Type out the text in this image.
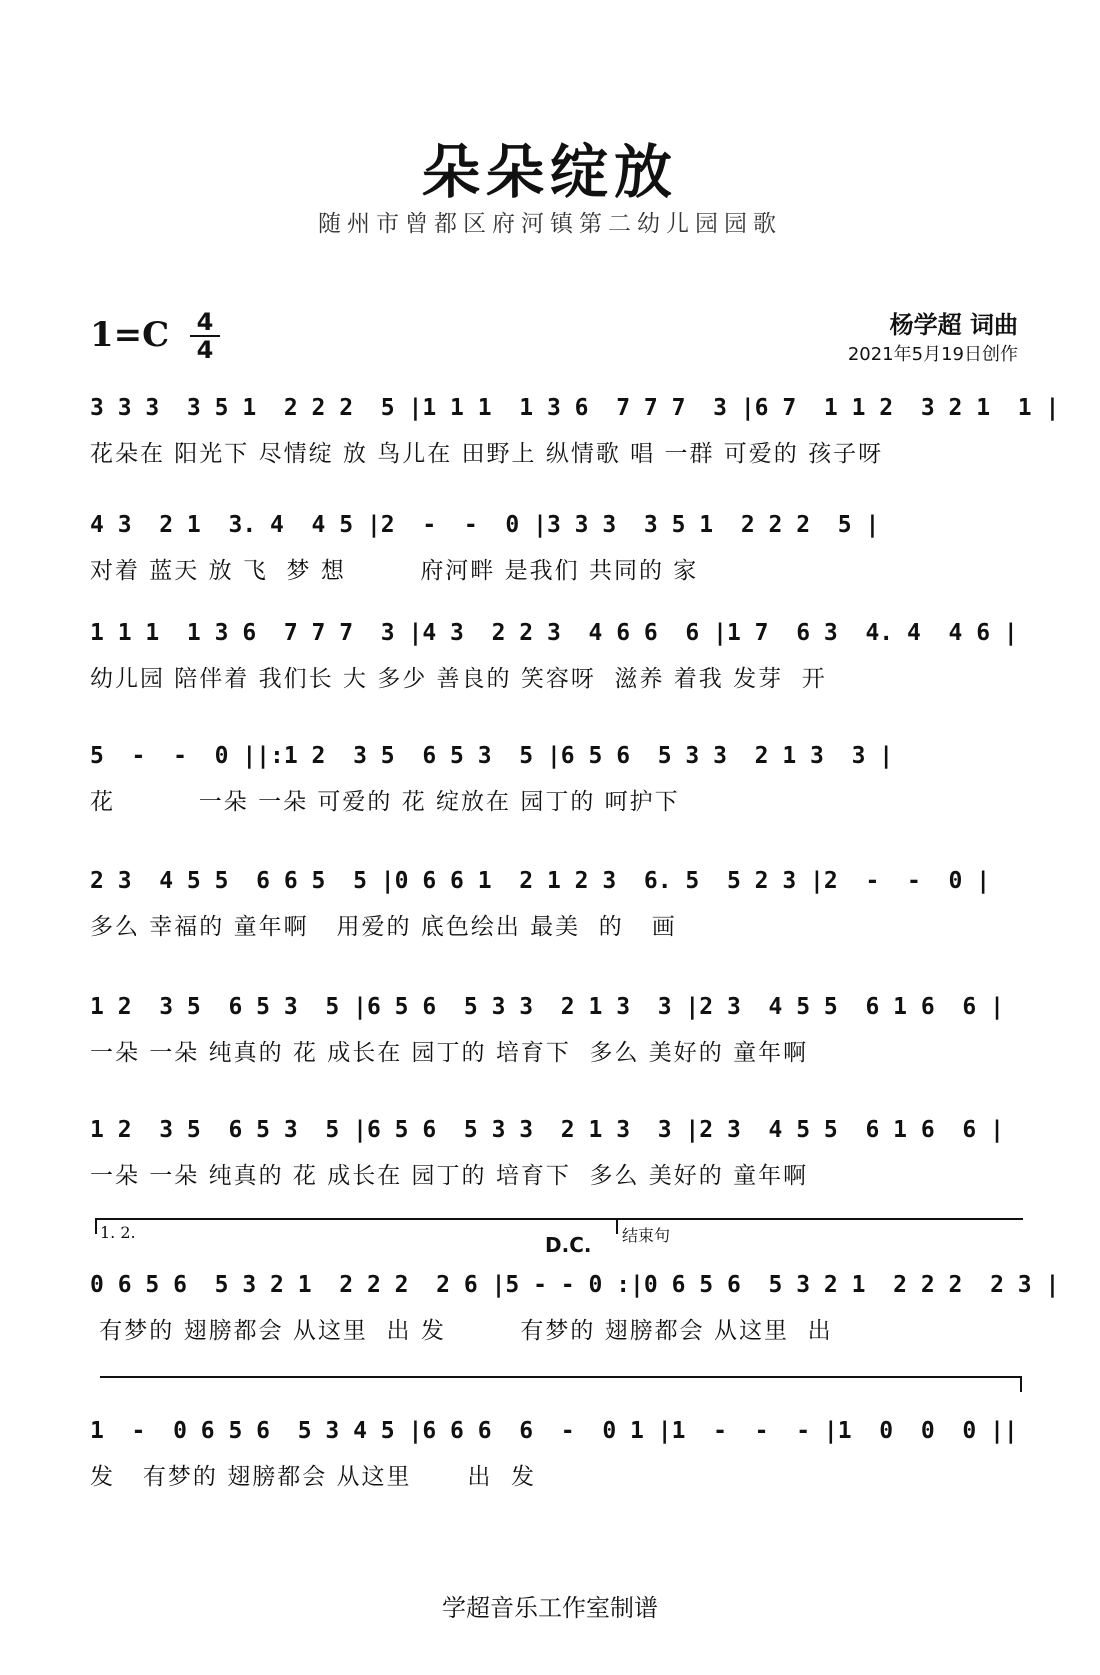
朵朵绽放
随州市曾都区府河镇第二幼儿园园歌
1=C 4
4
杨学超 词曲
2021年5月19日创作
3 3 3  3 5 1  2 2 2  5 |1 1 1  1 3 6  7 7 7  3 |6 7  1 1 2  3 2 1  1 |
花朵在 阳光下 尽情绽 放 鸟儿在 田野上 纵情歌 唱 一群 可爱的 孩子呀
4 3  2 1  3. 4  4 5 |2  -  -  0 |3 3 3  3 5 1  2 2 2  5 |
对着 蓝天 放 飞  梦 想        府河畔 是我们 共同的 家
1 1 1  1 3 6  7 7 7  3 |4 3  2 2 3  4 6 6  6 |1 7  6 3  4. 4  4 6 |
幼儿园 陪伴着 我们长 大 多少 善良的 笑容呀  滋养 着我 发芽  开
5  -  -  0 ||:1 2  3 5  6 5 3  5 |6 5 6  5 3 3  2 1 3  3 |
花         一朵 一朵 可爱的 花 绽放在 园丁的 呵护下
2 3  4 5 5  6 6 5  5 |0 6 6 1  2 1 2 3  6. 5  5 2 3 |2  -  -  0 |
多么 幸福的 童年啊   用爱的 底色绘出 最美  的   画
1 2  3 5  6 5 3  5 |6 5 6  5 3 3  2 1 3  3 |2 3  4 5 5  6 1 6  6 |
一朵 一朵 纯真的 花 成长在 园丁的 培育下  多么 美好的 童年啊
1 2  3 5  6 5 3  5 |6 5 6  5 3 3  2 1 3  3 |2 3  4 5 5  6 1 6  6 |
一朵 一朵 纯真的 花 成长在 园丁的 培育下  多么 美好的 童年啊
1. 2.
D.C. 结束句
0 6 5 6  5 3 2 1  2 2 2  2 6 |5 - - 0 :|0 6 5 6  5 3 2 1  2 2 2  2 3 |
有梦的 翅膀都会 从这里  出 发        有梦的 翅膀都会 从这里  出
1  -  0 6 5 6  5 3 4 5 |6 6 6  6  -  0 1 |1  -  -  - |1  0  0  0 ||
发   有梦的 翅膀都会 从这里      出  发
学超音乐工作室制谱
